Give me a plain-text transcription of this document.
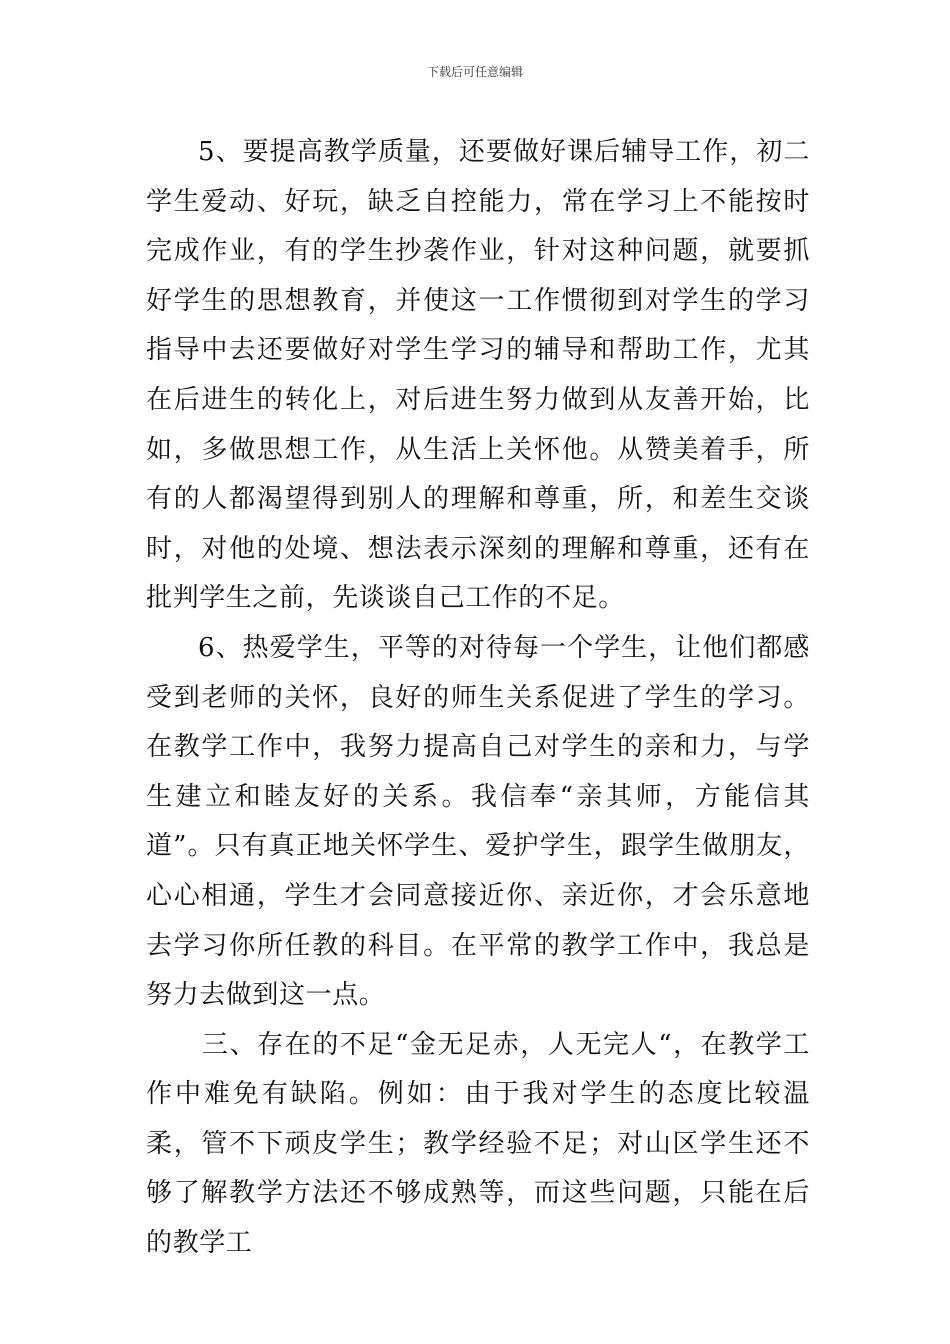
下载后可任意编辑

5、要提高教学质量，还要做好课后辅导工作，初二学生爱动、好玩，缺乏自控能力，常在学习上不能按时完成作业，有的学生抄袭作业，针对这种问题，就要抓好学生的思想教育，并使这一工作惯彻到对学生的学习指导中去还要做好对学生学习的辅导和帮助工作，尤其在后进生的转化上，对后进生努力做到从友善开始，比如，多做思想工作，从生活上关怀他。从赞美着手，所有的人都渴望得到别人的理解和尊重，所，和差生交谈时，对他的处境、想法表示深刻的理解和尊重，还有在批判学生之前，先谈谈自己工作的不足。

6、热爱学生，平等的对待每一个学生，让他们都感受到老师的关怀，良好的师生关系促进了学生的学习。在教学工作中，我努力提高自己对学生的亲和力，与学生建立和睦友好的关系。我信奉“亲其师，方能信其道”。只有真正地关怀学生、爱护学生，跟学生做朋友，心心相通，学生才会同意接近你、亲近你，才会乐意地去学习你所任教的科目。在平常的教学工作中，我总是努力去做到这一点。

三、存在的不足“金无足赤，人无完人“，在教学工作中难免有缺陷。例如：由于我对学生的态度比较温柔，管不下顽皮学生；教学经验不足；对山区学生还不够了解教学方法还不够成熟等，而这些问题，只能在后的教学工
